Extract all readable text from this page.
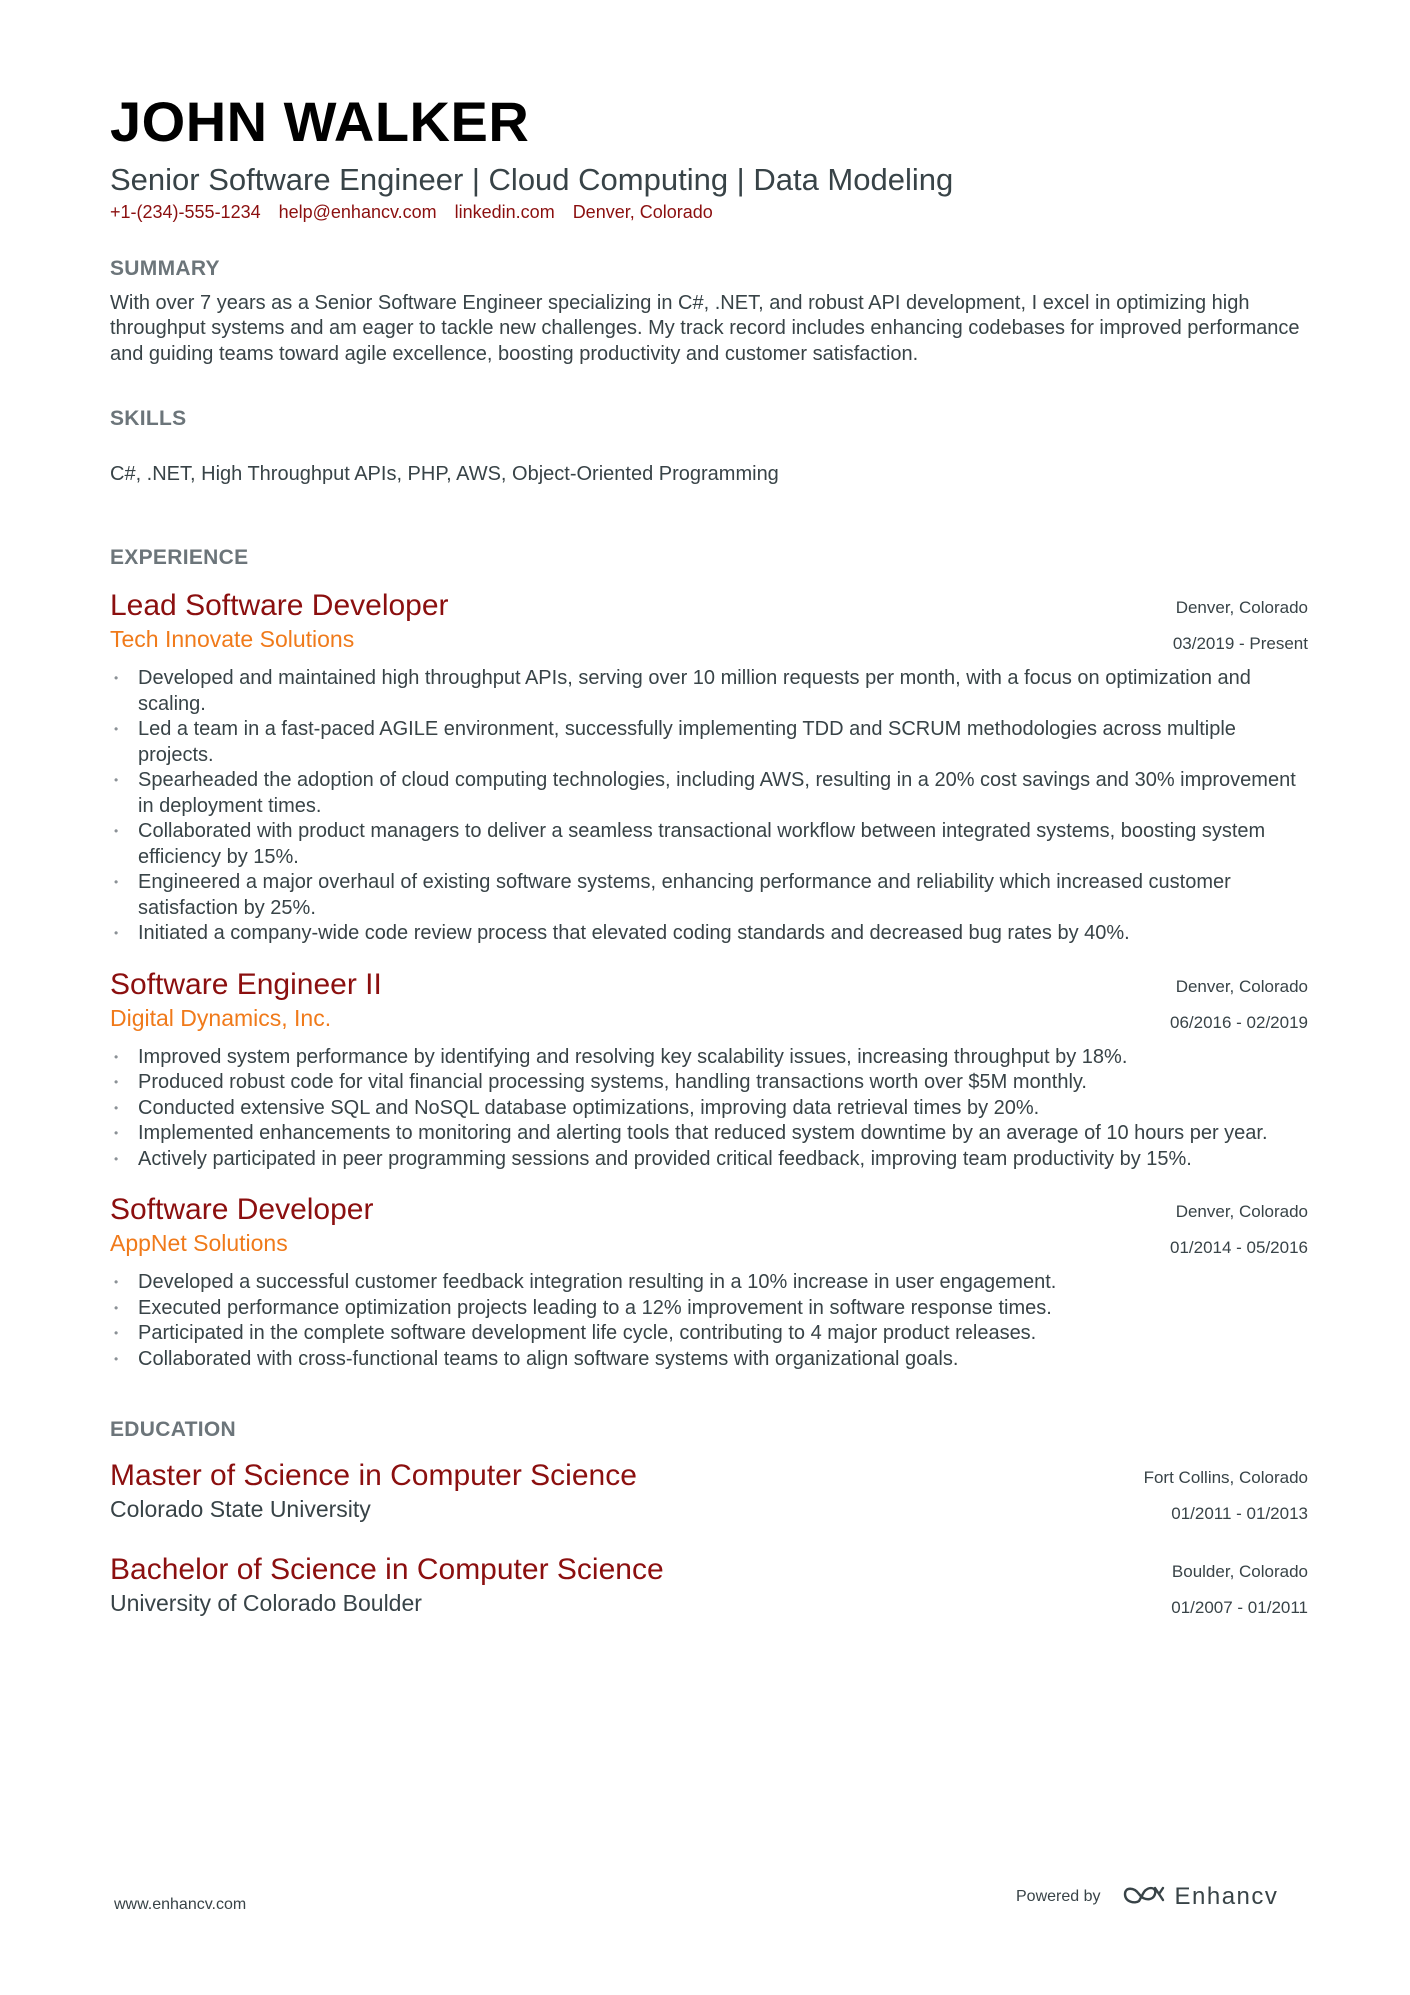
JOHN WALKER
Senior Software Engineer | Cloud Computing | Data Modeling
+1-(234)-555-1234 help@enhancv.com linkedin.com Denver, Colorado
SUMMARY
With over 7 years as a Senior Software Engineer specializing in C#, .NET, and robust API development, I excel in optimizing high throughput systems and am eager to tackle new challenges. My track record includes enhancing codebases for improved performance and guiding teams toward agile excellence, boosting productivity and customer satisfaction.
SKILLS
C#, .NET, High Throughput APIs, PHP, AWS, Object-Oriented Programming
EXPERIENCE
Lead Software Developer
Tech Innovate Solutions
Denver, Colorado
03/2019 - Present
• Developed and maintained high throughput APIs, serving over 10 million requests per month, with a focus on optimization and scaling.
• Led a team in a fast-paced AGILE environment, successfully implementing TDD and SCRUM methodologies across multiple projects.
• Spearheaded the adoption of cloud computing technologies, including AWS, resulting in a 20% cost savings and 30% improvement in deployment times.
• Collaborated with product managers to deliver a seamless transactional workflow between integrated systems, boosting system efficiency by 15%.
• Engineered a major overhaul of existing software systems, enhancing performance and reliability which increased customer satisfaction by 25%.
• Initiated a company-wide code review process that elevated coding standards and decreased bug rates by 40%.
Software Engineer II
Digital Dynamics, Inc.
Denver, Colorado
06/2016 - 02/2019
• Improved system performance by identifying and resolving key scalability issues, increasing throughput by 18%.
• Produced robust code for vital financial processing systems, handling transactions worth over $5M monthly.
• Conducted extensive SQL and NoSQL database optimizations, improving data retrieval times by 20%.
• Implemented enhancements to monitoring and alerting tools that reduced system downtime by an average of 10 hours per year.
• Actively participated in peer programming sessions and provided critical feedback, improving team productivity by 15%.
Software Developer
AppNet Solutions
Denver, Colorado
01/2014 - 05/2016
• Developed a successful customer feedback integration resulting in a 10% increase in user engagement.
• Executed performance optimization projects leading to a 12% improvement in software response times.
• Participated in the complete software development life cycle, contributing to 4 major product releases.
• Collaborated with cross-functional teams to align software systems with organizational goals.
EDUCATION
Master of Science in Computer Science
Colorado State University
Fort Collins, Colorado
01/2011 - 01/2013
Bachelor of Science in Computer Science
University of Colorado Boulder
Boulder, Colorado
01/2007 - 01/2011
www.enhancv.com	Powered by	Enhancv
